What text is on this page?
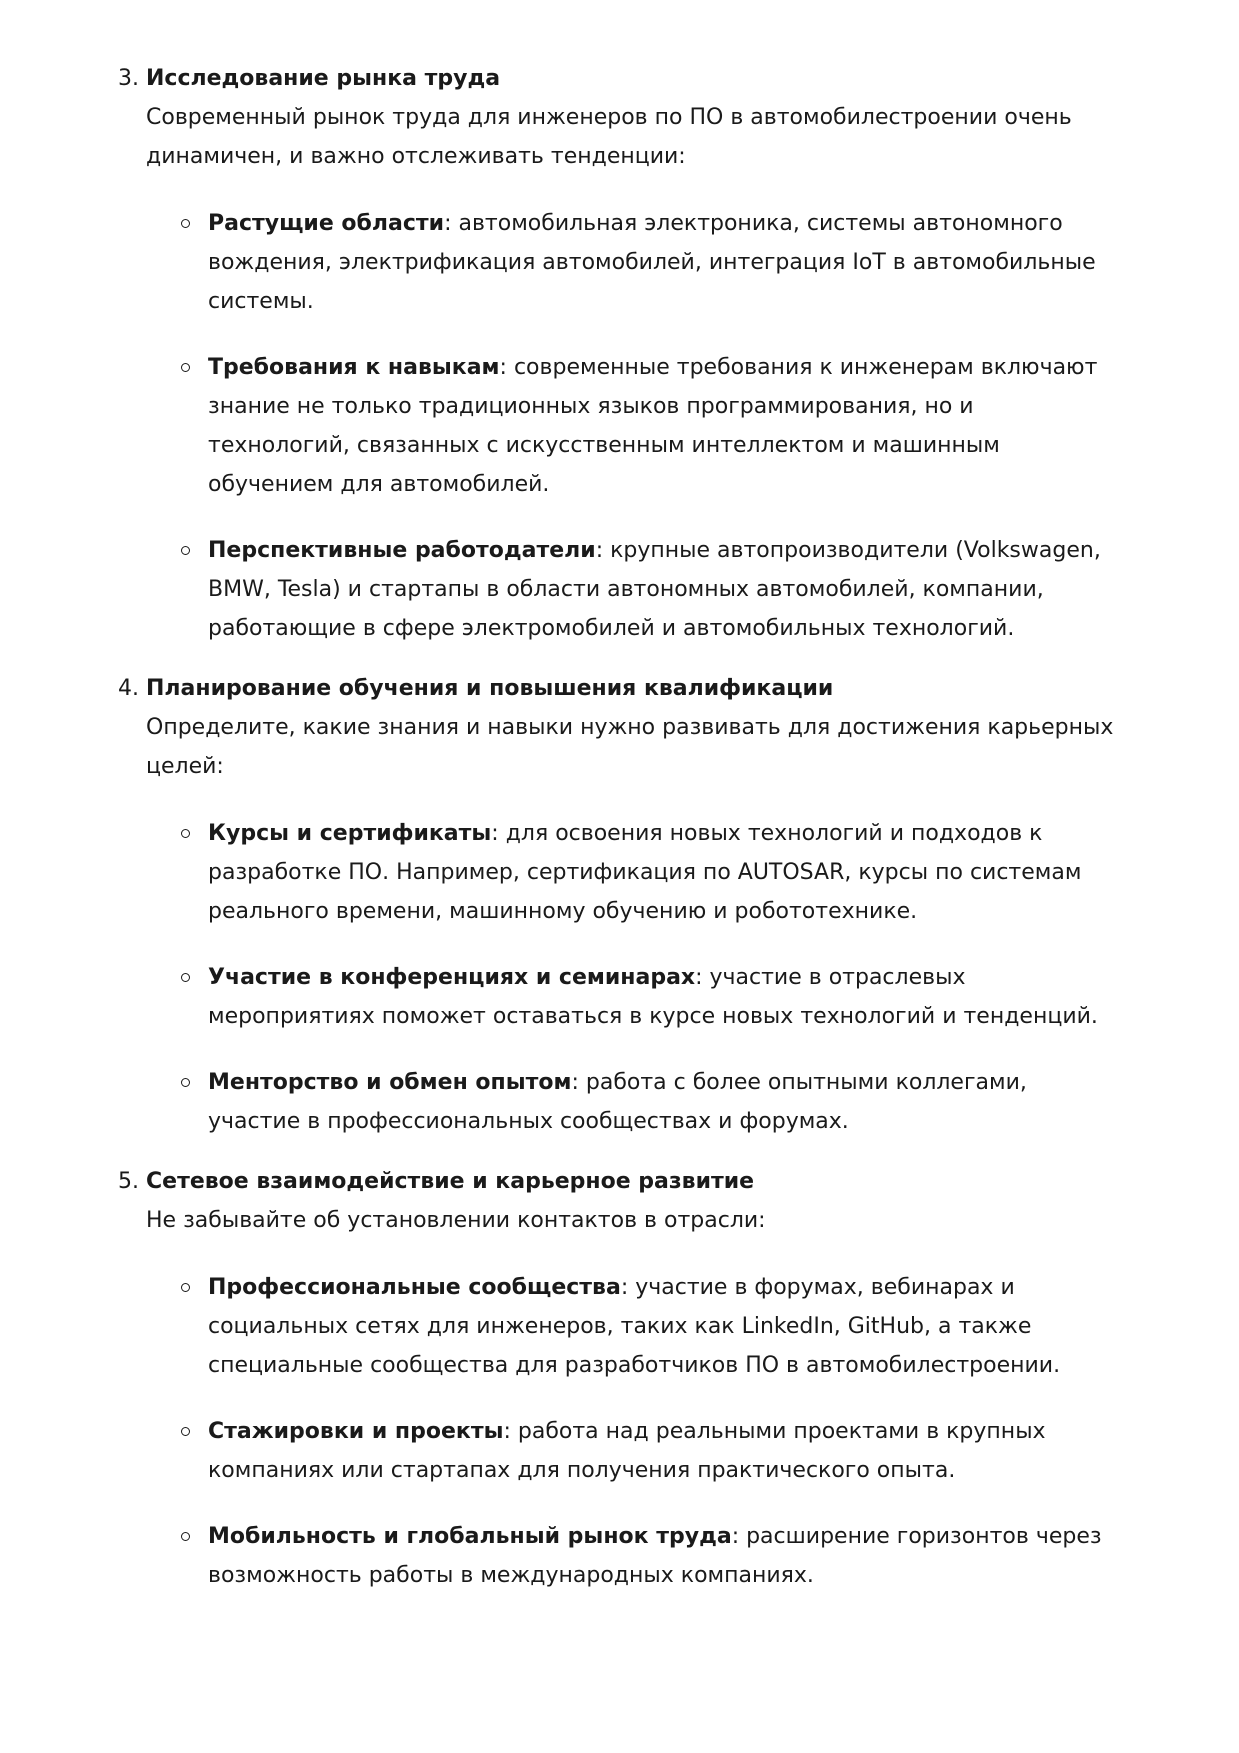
3. Исследование рынка труда
Современный рынок труда для инженеров по ПО в автомобилестроении очень динамичен, и важно отслеживать тенденции:
Растущие области: автомобильная электроника, системы автономного вождения, электрификация автомобилей, интеграция IoT в автомобильные системы.
Требования к навыкам: современные требования к инженерам включают знание не только традиционных языков программирования, но и технологий, связанных с искусственным интеллектом и машинным обучением для автомобилей.
Перспективные работодатели: крупные автопроизводители (Volkswagen, BMW, Tesla) и стартапы в области автономных автомобилей, компании, работающие в сфере электромобилей и автомобильных технологий.
4. Планирование обучения и повышения квалификации
Определите, какие знания и навыки нужно развивать для достижения карьерных целей:
Курсы и сертификаты: для освоения новых технологий и подходов к разработке ПО. Например, сертификация по AUTOSAR, курсы по системам реального времени, машинному обучению и робототехнике.
Участие в конференциях и семинарах: участие в отраслевых мероприятиях поможет оставаться в курсе новых технологий и тенденций.
Менторство и обмен опытом: работа с более опытными коллегами, участие в профессиональных сообществах и форумах.
5. Сетевое взаимодействие и карьерное развитие
Не забывайте об установлении контактов в отрасли:
Профессиональные сообщества: участие в форумах, вебинарах и социальных сетях для инженеров, таких как LinkedIn, GitHub, а также специальные сообщества для разработчиков ПО в автомобилестроении.
Стажировки и проекты: работа над реальными проектами в крупных компаниях или стартапах для получения практического опыта.
Мобильность и глобальный рынок труда: расширение горизонтов через возможность работы в международных компаниях.
